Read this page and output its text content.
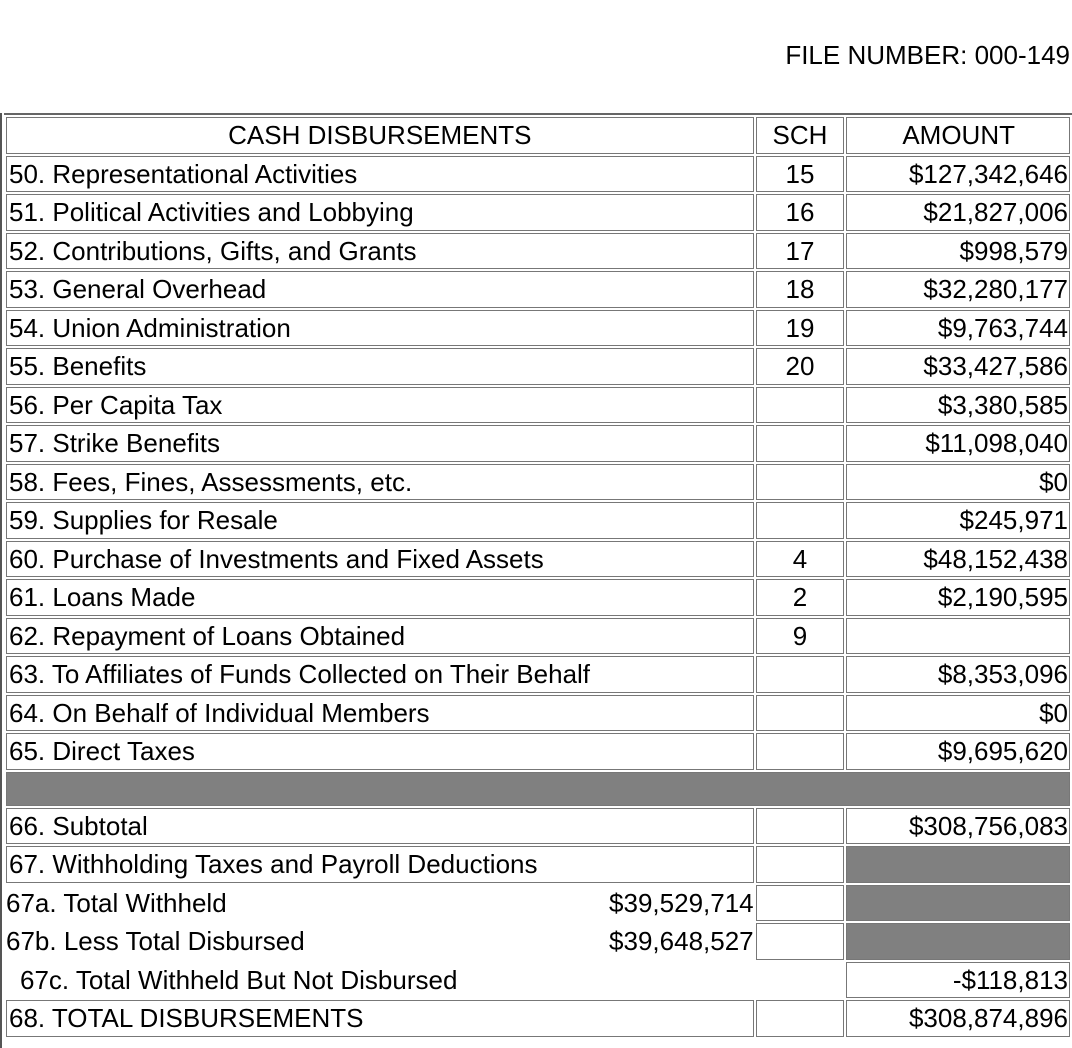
FILE NUMBER: 000-149
CASH DISBURSEMENTS	SCH	AMOUNT
50. Representational Activities	15	$127,342,646
51. Political Activities and Lobbying	16	$21,827,006
52. Contributions, Gifts, and Grants	17	$998,579
53. General Overhead	18	$32,280,177
54. Union Administration	19	$9,763,744
55. Benefits	20	$33,427,586
56. Per Capita Tax		$3,380,585
57. Strike Benefits		$11,098,040
58. Fees, Fines, Assessments, etc.		$0
59. Supplies for Resale		$245,971
60. Purchase of Investments and Fixed Assets	4	$48,152,438
61. Loans Made	2	$2,190,595
62. Repayment of Loans Obtained	9	
63. To Affiliates of Funds Collected on Their Behalf		$8,353,096
64. On Behalf of Individual Members		$0
65. Direct Taxes		$9,695,620

66. Subtotal		$308,756,083
67. Withholding Taxes and Payroll Deductions		

67a. Total Withheld	$39,529,714

67b. Less Total Disbursed	$39,648,527

67c. Total Withheld But Not Disbursed		-$118,813
68. TOTAL DISBURSEMENTS		$308,874,896
